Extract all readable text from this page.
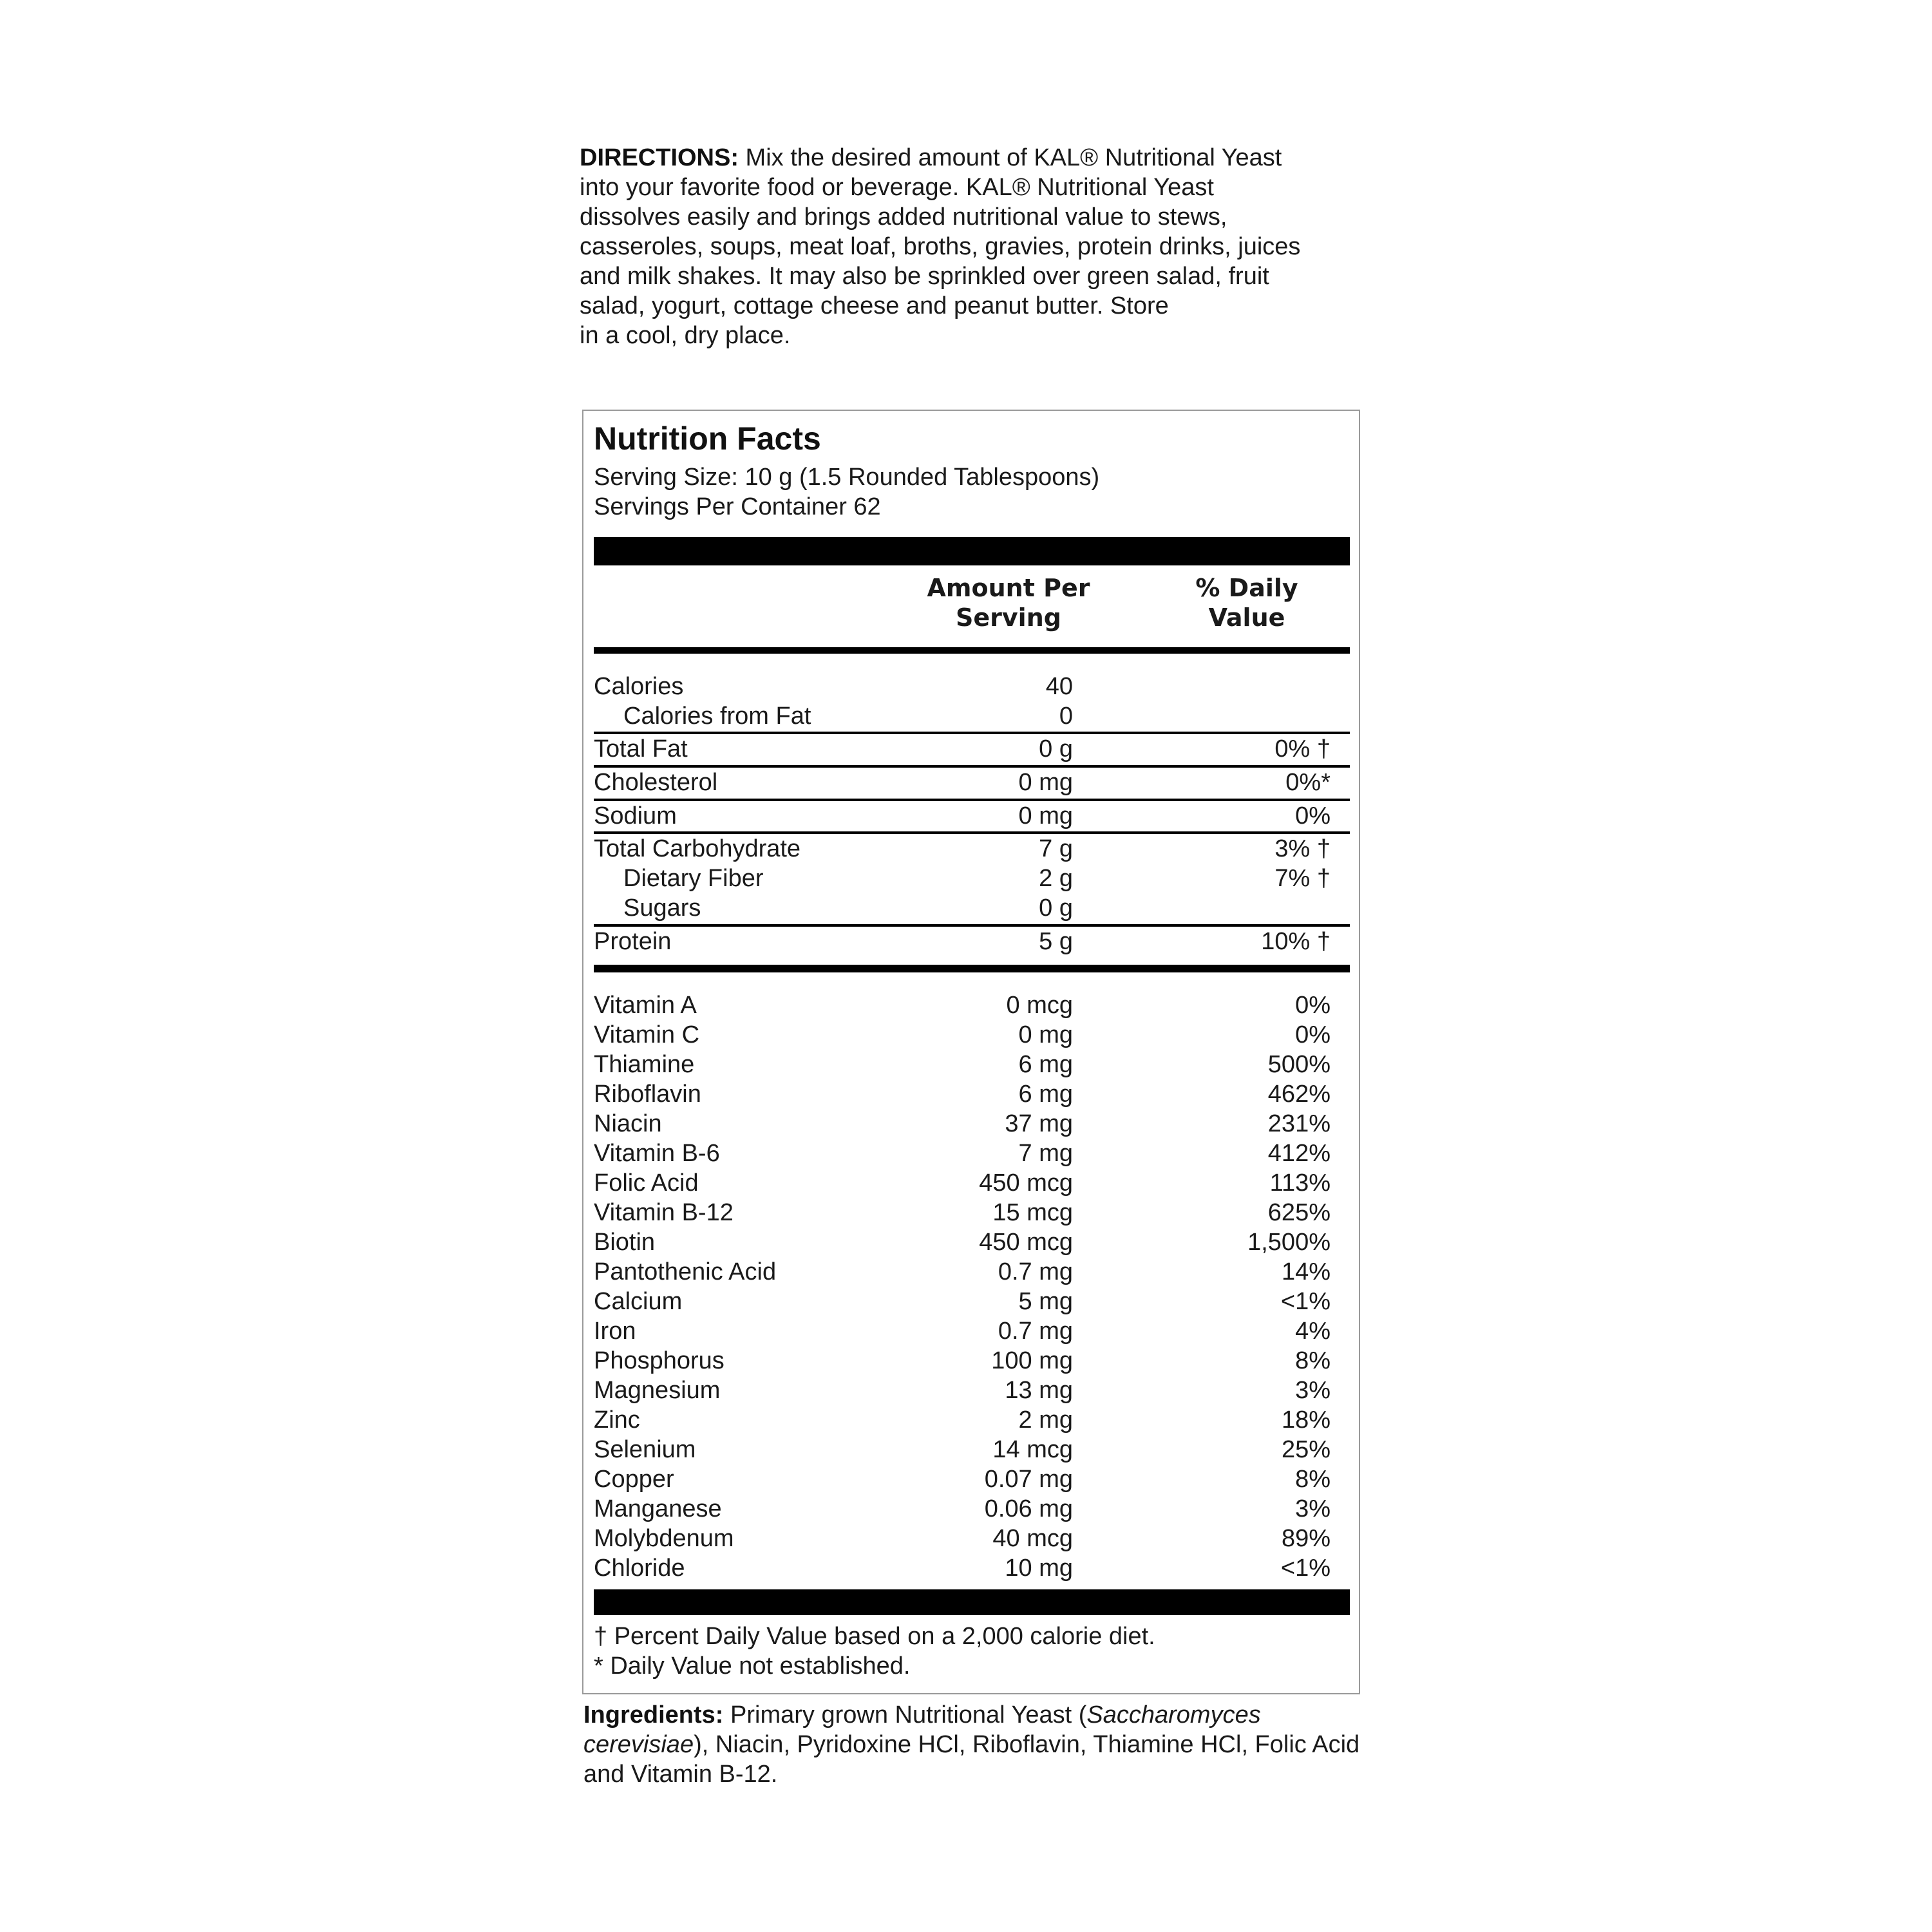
DIRECTIONS: Mix the desired amount of KAL® Nutritional Yeast
into your favorite food or beverage. KAL® Nutritional Yeast
dissolves easily and brings added nutritional value to stews,
casseroles, soups, meat loaf, broths, gravies, protein drinks, juices
and milk shakes. It may also be sprinkled over green salad, fruit
salad, yogurt, cottage cheese and peanut butter. Store
in a cool, dry place.
Nutrition Facts
Serving Size: 10 g (1.5 Rounded Tablespoons)
Servings Per Container 62
Amount Per
Serving
% Daily
Value
Calories	40
Calories from Fat	0
Total Fat	0 g	0% †
Cholesterol	0 mg	0%*
Sodium	0 mg	0%
Total Carbohydrate	7 g	3% †
Dietary Fiber	2 g	7% †
Sugars	0 g
Protein	5 g	10% †
Vitamin A	0 mcg	0%
Vitamin C	0 mg	0%
Thiamine	6 mg	500%
Riboflavin	6 mg	462%
Niacin	37 mg	231%
Vitamin B-6	7 mg	412%
Folic Acid	450 mcg	113%
Vitamin B-12	15 mcg	625%
Biotin	450 mcg	1,500%
Pantothenic Acid	0.7 mg	14%
Calcium	5 mg	<1%
Iron	0.7 mg	4%
Phosphorus	100 mg	8%
Magnesium	13 mg	3%
Zinc	2 mg	18%
Selenium	14 mcg	25%
Copper	0.07 mg	8%
Manganese	0.06 mg	3%
Molybdenum	40 mcg	89%
Chloride	10 mg	<1%
† Percent Daily Value based on a 2,000 calorie diet.
* Daily Value not established.
Ingredients: Primary grown Nutritional Yeast (Saccharomyces cerevisiae), Niacin, Pyridoxine HCl, Riboflavin, Thiamine HCl, Folic Acid and Vitamin B-12.
